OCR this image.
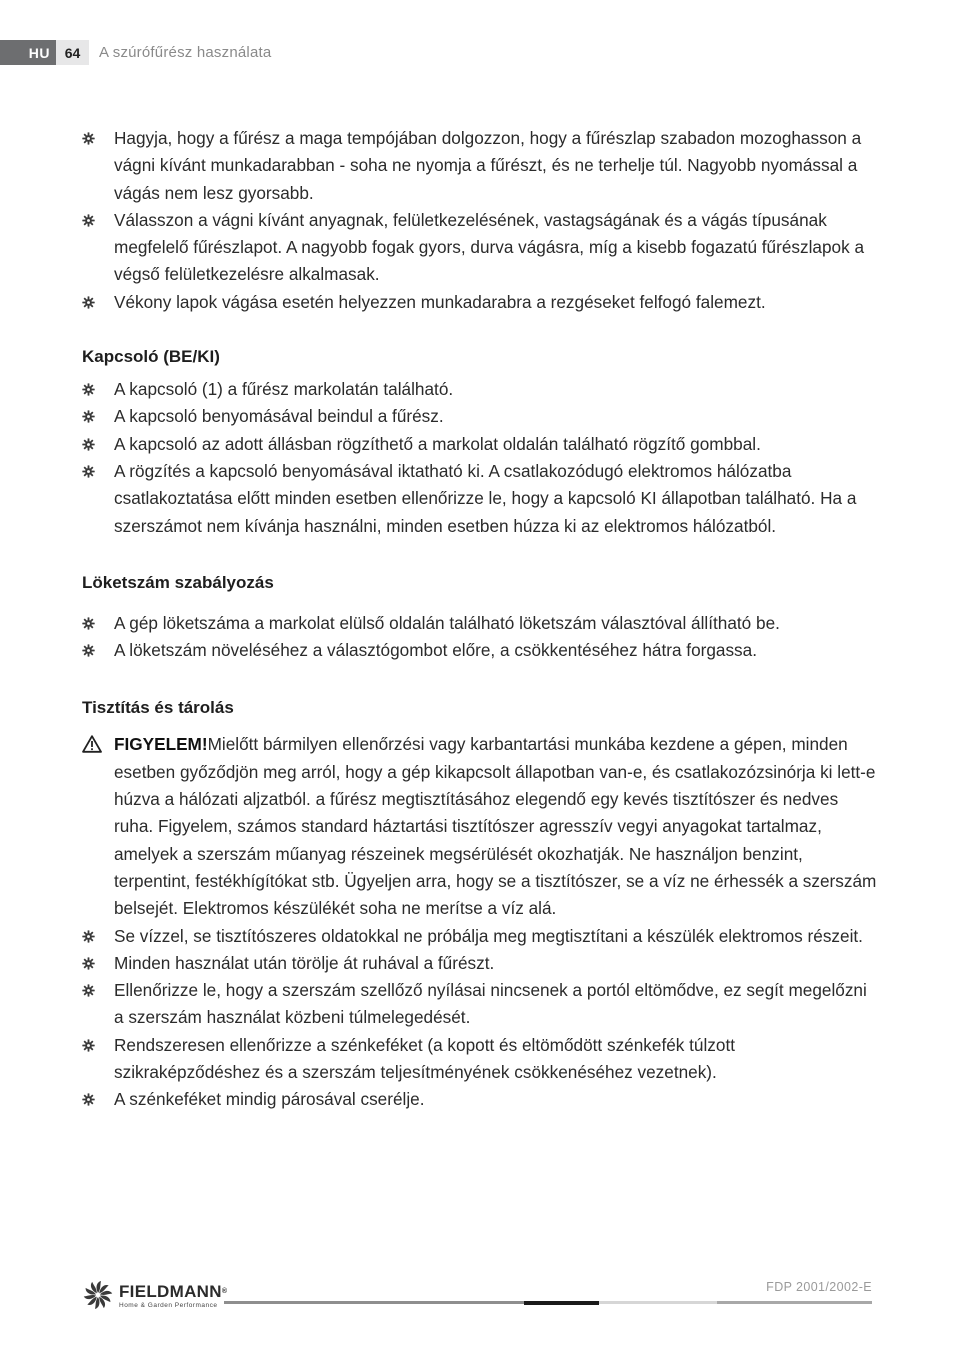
HU	64	A szúrófűrész használata
Hagyja, hogy a fűrész a maga tempójában dolgozzon, hogy a fűrészlap szabadon mozoghasson a vágni kívánt munkadarabban - soha ne nyomja a fűrészt, és ne terhelje túl. Nagyobb nyomással a vágás nem lesz gyorsabb.
Válasszon a vágni kívánt anyagnak, felületkezelésének, vastagságának és a vágás típusának megfelelő fűrészlapot. A nagyobb fogak gyors, durva vágásra, míg a kisebb fogazatú fűrészlapok a végső felületkezelésre alkalmasak.
Vékony lapok vágása esetén helyezzen munkadarabra a rezgéseket felfogó falemezt.
Kapcsoló (BE/KI)
A kapcsoló (1) a fűrész markolatán található.
A kapcsoló benyomásával beindul a fűrész.
A kapcsoló az adott állásban rögzíthető a markolat oldalán található rögzítő gombbal.
A rögzítés a kapcsoló benyomásával iktatható ki. A csatlakozódugó elektromos hálózatba csatlakoztatása előtt minden esetben ellenőrizze le, hogy a kapcsoló KI állapotban található. Ha a szerszámot nem kívánja használni, minden esetben húzza ki az elektromos hálózatból.
Löketszám szabályozás
A gép löketszáma a markolat elülső oldalán található löketszám választóval állítható be.
A löketszám növeléséhez a választógombot előre, a csökkentéséhez hátra forgassa.
Tisztítás és tárolás
FIGYELEM!Mielőtt bármilyen ellenőrzési vagy karbantartási munkába kezdene a gépen, minden esetben győződjön meg arról, hogy a gép kikapcsolt állapotban van-e, és csatlakozózsinórja ki lett-e húzva a hálózati aljzatból. a fűrész megtisztításához elegendő egy kevés tisztítószer és nedves ruha. Figyelem, számos standard háztartási tisztítószer agresszív vegyi anyagokat tartalmaz, amelyek a szerszám műanyag részeinek megsérülését okozhatják. Ne használjon benzint, terpentint, festékhígítókat stb. Ügyeljen arra, hogy se a tisztítószer, se a víz ne érhessék a szerszám belsejét. Elektromos készülékét soha ne merítse a víz alá.
Se vízzel, se tisztítószeres oldatokkal ne próbálja meg megtisztítani a készülék elektromos részeit.
Minden használat után törölje át ruhával a fűrészt.
Ellenőrizze le, hogy a szerszám szellőző nyílásai nincsenek a portól eltömődve, ez segít megelőzni a szerszám használat közbeni túlmelegedését.
Rendszeresen ellenőrizze a szénkeféket (a kopott és eltömődött szénkefék túlzott szikraképződéshez és a szerszám teljesítményének csökkenéséhez vezetnek).
A szénkeféket mindig párosával cserélje.
FIELDMANN®
Home & Garden Performance
FDP 2001/2002-E
